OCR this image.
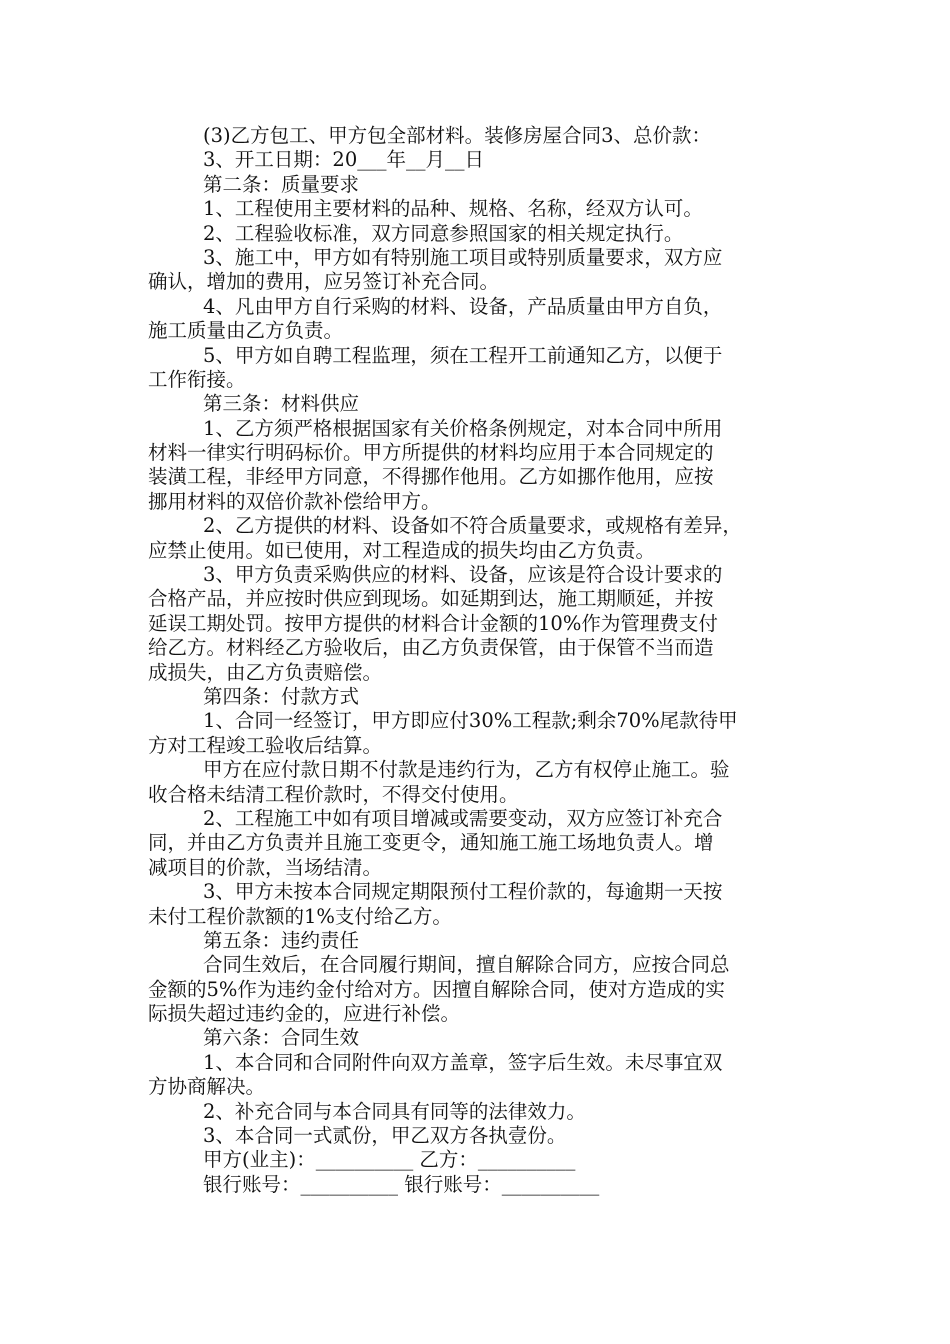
(3)乙方包工、甲方包全部材料。装修房屋合同3、总价款：
3、开工日期：20___年__月__日
第二条：质量要求
1、工程使用主要材料的品种、规格、名称，经双方认可。
2、工程验收标准，双方同意参照国家的相关规定执行。
3、施工中，甲方如有特别施工项目或特别质量要求，双方应
确认，增加的费用，应另签订补充合同。
4、凡由甲方自行采购的材料、设备，产品质量由甲方自负，
施工质量由乙方负责。
5、甲方如自聘工程监理，须在工程开工前通知乙方，以便于
工作衔接。
第三条：材料供应
1、乙方须严格根据国家有关价格条例规定，对本合同中所用
材料一律实行明码标价。甲方所提供的材料均应用于本合同规定的
装潢工程，非经甲方同意，不得挪作他用。乙方如挪作他用，应按
挪用材料的双倍价款补偿给甲方。
2、乙方提供的材料、设备如不符合质量要求，或规格有差异，
应禁止使用。如已使用，对工程造成的损失均由乙方负责。
3、甲方负责采购供应的材料、设备，应该是符合设计要求的
合格产品，并应按时供应到现场。如延期到达，施工期顺延，并按
延误工期处罚。按甲方提供的材料合计金额的10%作为管理费支付
给乙方。材料经乙方验收后，由乙方负责保管，由于保管不当而造
成损失，由乙方负责赔偿。
第四条：付款方式
1、合同一经签订，甲方即应付30%工程款;剩余70%尾款待甲
方对工程竣工验收后结算。
甲方在应付款日期不付款是违约行为，乙方有权停止施工。验
收合格未结清工程价款时，不得交付使用。
2、工程施工中如有项目增减或需要变动，双方应签订补充合
同，并由乙方负责并且施工变更令，通知施工施工场地负责人。增
减项目的价款，当场结清。
3、甲方未按本合同规定期限预付工程价款的，每逾期一天按
未付工程价款额的1%支付给乙方。
第五条：违约责任
合同生效后，在合同履行期间，擅自解除合同方，应按合同总
金额的5%作为违约金付给对方。因擅自解除合同，使对方造成的实
际损失超过违约金的，应进行补偿。
第六条：合同生效
1、本合同和合同附件向双方盖章，签字后生效。未尽事宜双
方协商解决。
2、补充合同与本合同具有同等的法律效力。
3、本合同一式贰份，甲乙双方各执壹份。
甲方(业主)：__________ 乙方：__________
银行账号：__________ 银行账号：__________
